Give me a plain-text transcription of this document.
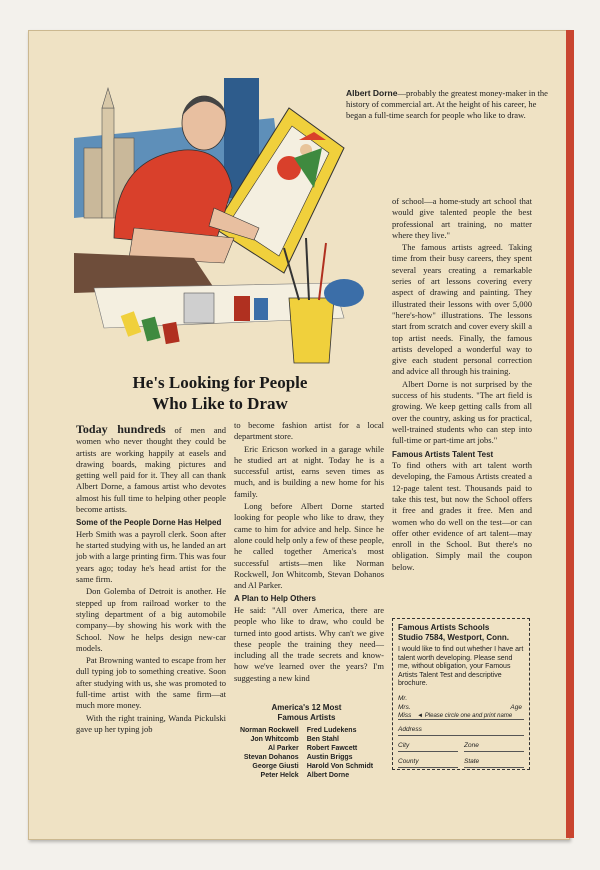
Albert Dorne—probably the greatest money-maker in the history of commercial art. At the height of his career, he began a full-time search for people who like to draw.
He's Looking for People
Who Like to Draw

Today hundreds of men and women who never thought they could be artists are working happily at easels and drawing boards, making pictures and getting well paid for it. They all can thank Albert Dorne, a famous artist who devotes almost his full time to helping other people become artists.

Some of the People Dorne Has Helped

Herb Smith was a payroll clerk. Soon after he started studying with us, he landed an art job with a large printing firm. This was four years ago; today he's head artist for the same firm.

Don Golemba of Detroit is another. He stepped up from railroad worker to the styling department of a big automobile company—by showing his work with the School. Now he helps design new-car models.

Pat Browning wanted to escape from her dull typing job to something creative. Soon after studying with us, she was promoted to full-time artist with the same firm—at much more money.

With the right training, Wanda Pickulski gave up her typing job

to become fashion artist for a local department store.

Eric Ericson worked in a garage while he studied art at night. Today he is a successful artist, earns seven times as much, and is building a new home for his family.

Long before Albert Dorne started looking for people who like to draw, they came to him for advice and help. Since he alone could help only a few of these people, he called together America's most successful artists—men like Norman Rockwell, Jon Whitcomb, Stevan Dohanos and Al Parker.

A Plan to Help Others

He said: "All over America, there are people who like to draw, who could be turned into good artists. Why can't we give these people the training they need—including all the trade secrets and know-how we've learned over the years? I'm suggesting a new kind

America's 12 Most
Famous Artists
Norman Rockwell	Fred Ludekens
Jon Whitcomb	Ben Stahl
Al Parker	Robert Fawcett
Stevan Dohanos	Austin Briggs
George Giusti	Harold Von Schmidt
Peter Helck	Albert Dorne

of school—a home-study art school that would give talented people the best professional art training, no matter where they live."

The famous artists agreed. Taking time from their busy careers, they spent several years creating a remarkable series of art lessons covering every aspect of drawing and painting. They illustrated their lessons with over 5,000 "here's-how" illustrations. The lessons start from scratch and cover every skill a top artist needs. Finally, the famous artists developed a wonderful way to give each student personal correction and advice all through his training.

Albert Dorne is not surprised by the success of his students. "The art field is growing. We keep getting calls from all over the country, asking us for practical, well-trained students who can step into full-time or part-time art jobs."

Famous Artists Talent Test

To find others with art talent worth developing, the Famous Artists created a 12-page talent test. Thousands paid to take this test, but now the School offers it free and grades it free. Men and women who do well on the test—or can offer other evidence of art talent—may enroll in the School. But there's no obligation. Simply mail the coupon below.

Famous Artists Schools
Studio 7584, Westport, Conn.
I would like to find out whether I have art talent worth developing. Please send me, without obligation, your Famous Artists Talent Test and descriptive brochure.
Mr.
Mrs.	Age

Miss ◄ Please circle one and print name
Address
City	Zone
County	State
